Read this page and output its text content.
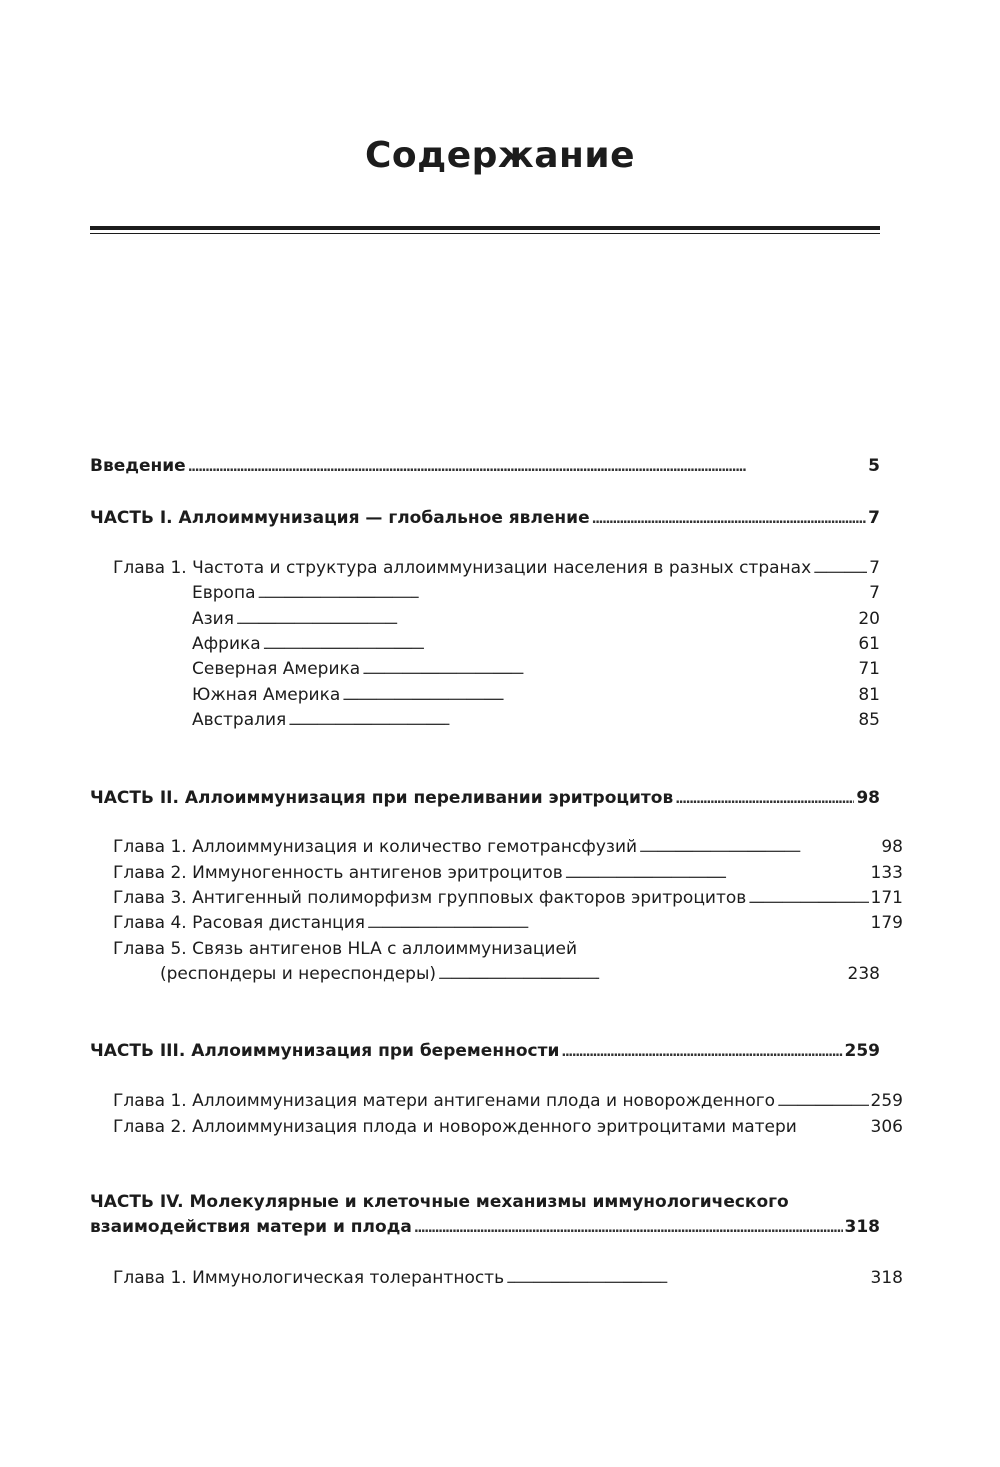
Содержание
Введение . . .	5
ЧАСТЬ I. Аллоиммунизация — глобальное явление . . .	7
Глава 1. Частота и структура аллоиммунизации населения в разных странах . . .	7
Европа . . .	7
Азия . . .	20
Африка . . .	61
Северная Америка . . .	71
Южная Америка . . .	81
Австралия . . .	85
ЧАСТЬ II. Аллоиммунизация при переливании эритроцитов . . .	98
Глава 1. Аллоиммунизация и количество гемотрансфузий . . .	98
Глава 2. Иммуногенность антигенов эритроцитов . . .	133
Глава 3. Антигенный полиморфизм групповых факторов эритроцитов . . .	171
Глава 4. Расовая дистанция . . .	179
Глава 5. Связь антигенов HLA с аллоиммунизацией
(респондеры и нереспондеры) . . .	238
ЧАСТЬ III. Аллоиммунизация при беременности . . .	259
Глава 1. Аллоиммунизация матери антигенами плода и новорожденного . . .	259
Глава 2. Аллоиммунизация плода и новорожденного эритроцитами матери	306
ЧАСТЬ IV. Молекулярные и клеточные механизмы иммунологического
взаимодействия матери и плода . . .	318
Глава 1. Иммунологическая толерантность . . .	318
